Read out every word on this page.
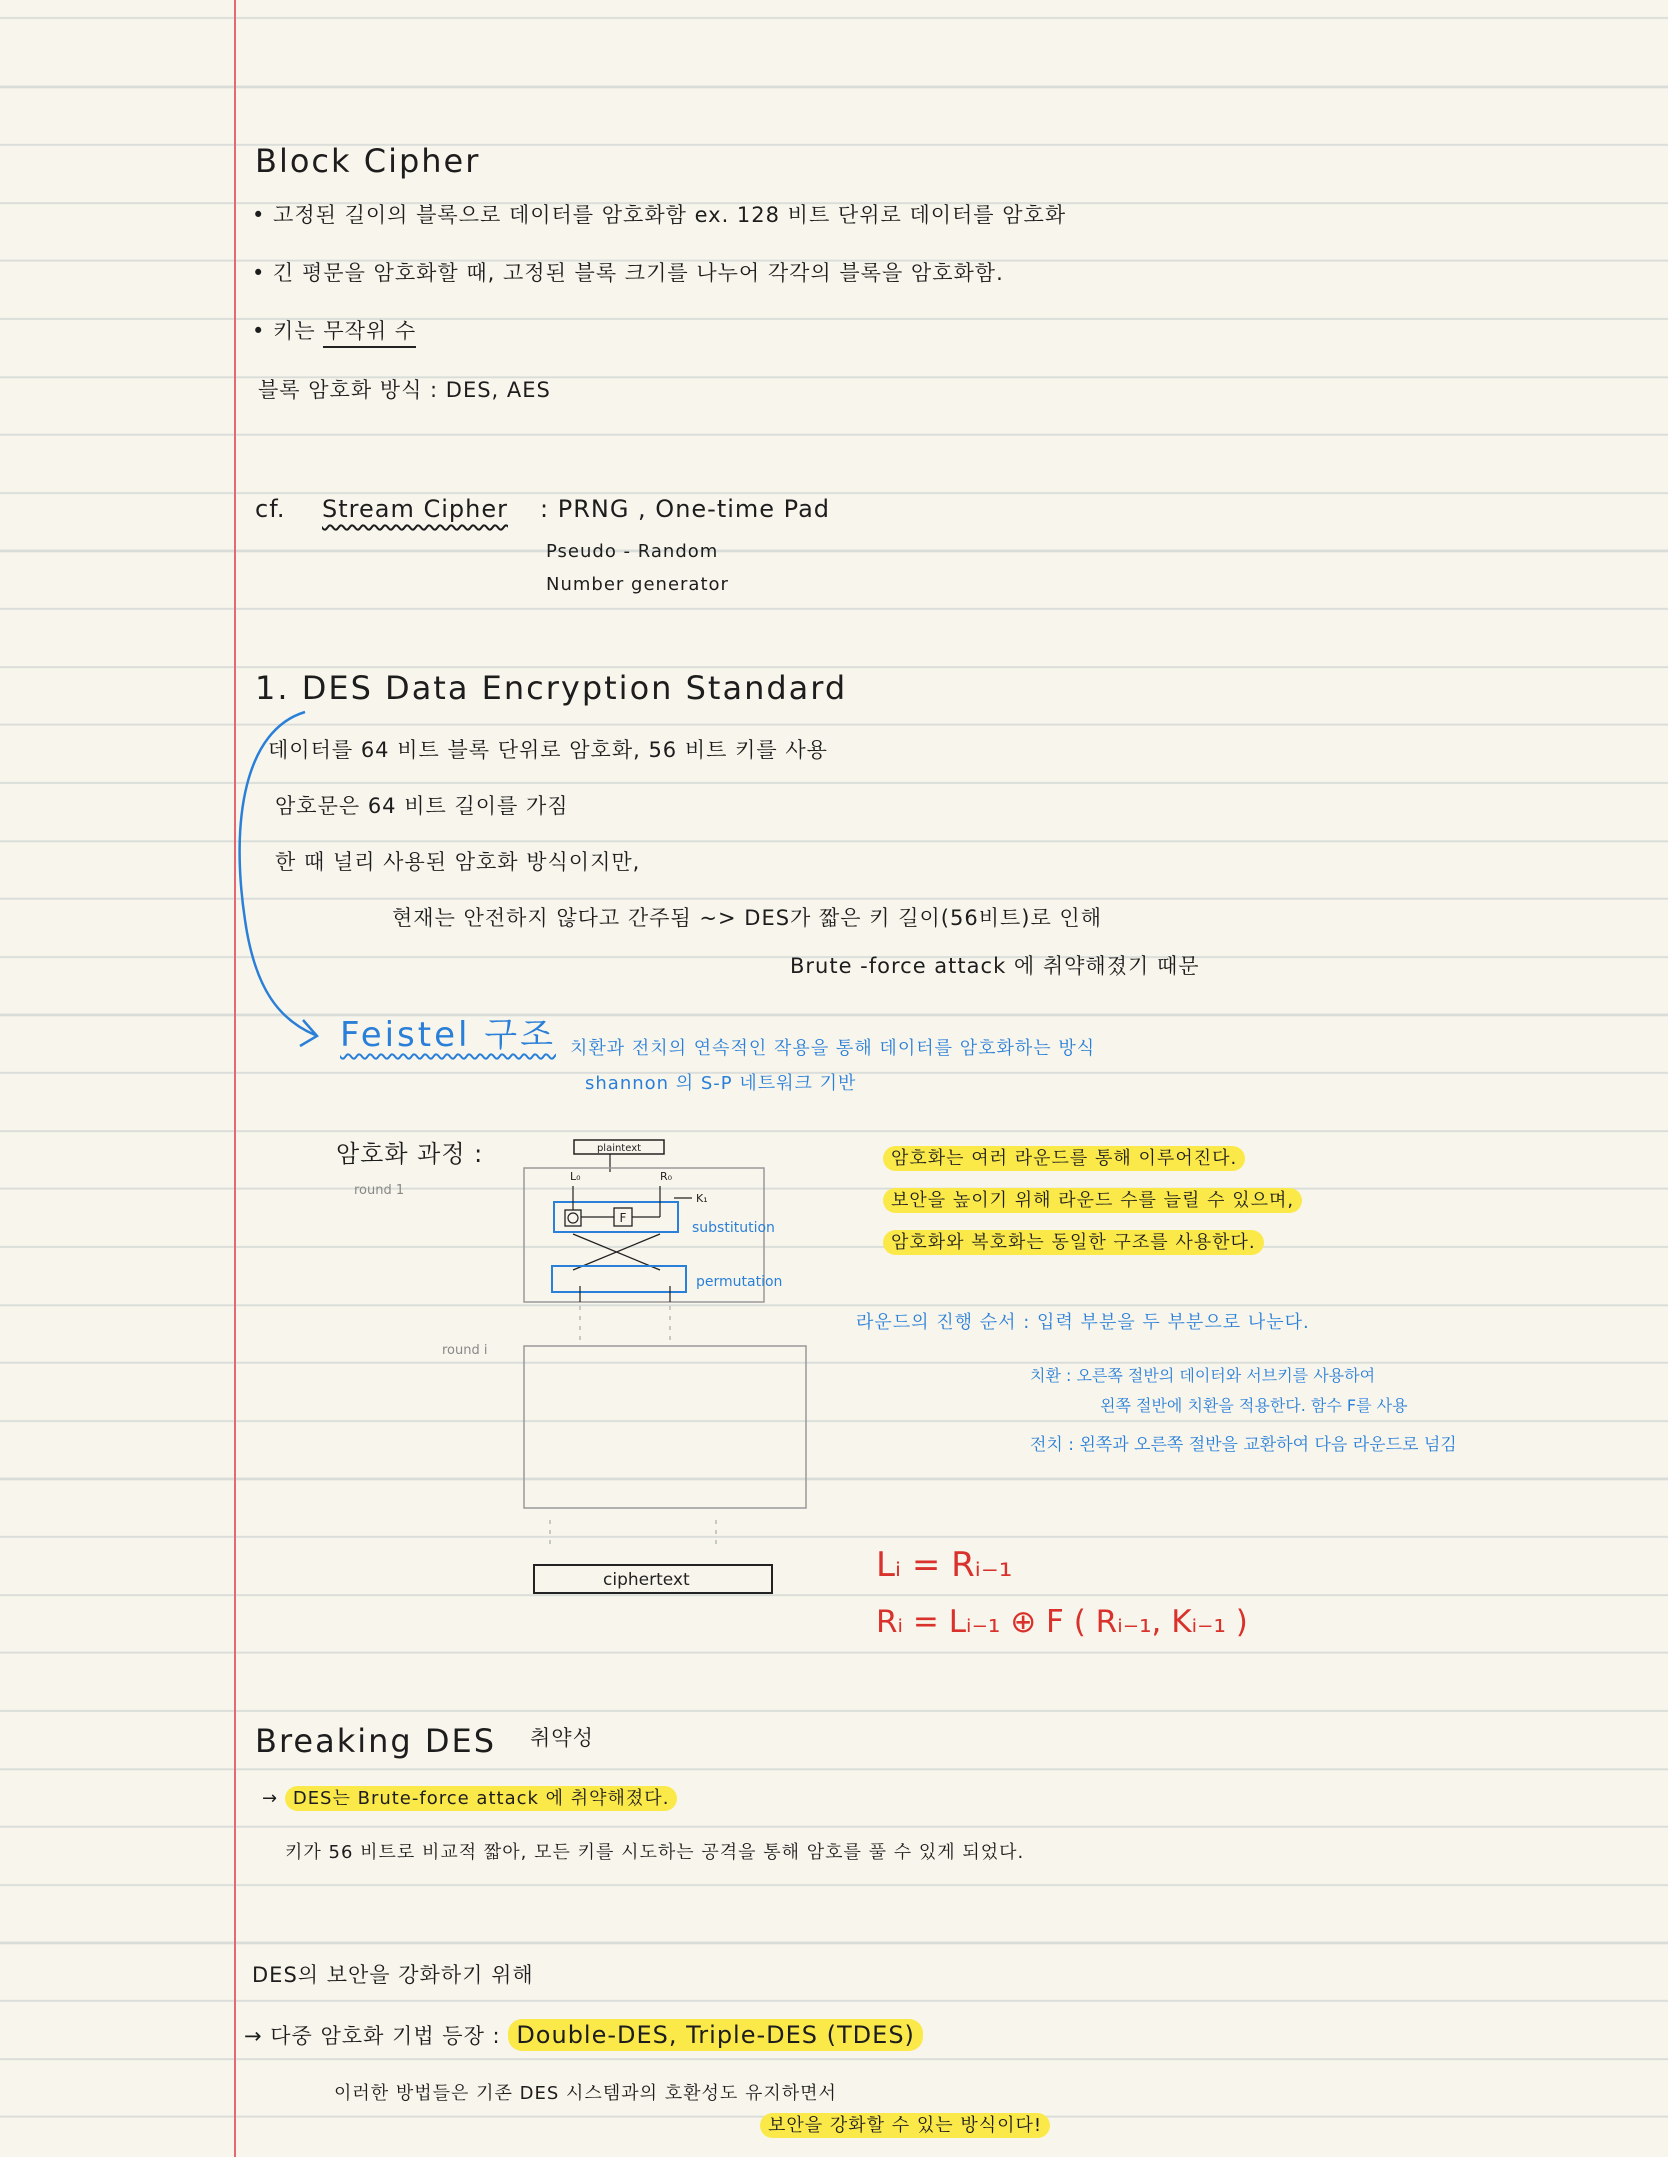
Block Cipher
• 고정된 길이의 블록으로 데이터를 암호화함 ex. 128 비트 단위로 데이터를 암호화
• 긴 평문을 암호화할 때, 고정된 블록 크기를 나누어 각각의 블록을 암호화함.
• 키는 무작위 수
블록 암호화 방식 : DES, AES
cf. Stream Cipher : PRNG , One-time Pad
Pseudo - Random
Number generator
1. DES Data Encryption Standard
데이터를 64 비트 블록 단위로 암호화, 56 비트 키를 사용
암호문은 64 비트 길이를 가짐
한 때 널리 사용된 암호화 방식이지만,
현재는 안전하지 않다고 간주됨 ~> DES가 짧은 키 길이(56비트)로 인해
Brute -force attack 에 취약해졌기 때문
Feistel 구조 치환과 전치의 연속적인 작용을 통해 데이터를 암호화하는 방식
shannon 의 S-P 네트워크 기반
암호화 과정 :	plaintext
round 1
L₀	R₀
K₁
F
substitution
permutation
round i
ciphertext
암호화는 여러 라운드를 통해 이루어진다.
보안을 높이기 위해 라운드 수를 늘릴 수 있으며,
암호화와 복호화는 동일한 구조를 사용한다.
라운드의 진행 순서 : 입력 부분을 두 부분으로 나눈다.
치환 : 오른쪽 절반의 데이터와 서브키를 사용하여
왼쪽 절반에 치환을 적용한다. 함수 F를 사용
전치 : 왼쪽과 오른쪽 절반을 교환하여 다음 라운드로 넘김
Lᵢ = Rᵢ₋₁
Rᵢ = Lᵢ₋₁ ⊕ F ( Rᵢ₋₁, Kᵢ₋₁ )
Breaking DES 취약성
→ DES는 Brute-force attack 에 취약해졌다.
키가 56 비트로 비교적 짧아, 모든 키를 시도하는 공격을 통해 암호를 풀 수 있게 되었다.
DES의 보안을 강화하기 위해
→ 다중 암호화 기법 등장 : Double-DES, Triple-DES (TDES)
이러한 방법들은 기존 DES 시스템과의 호환성도 유지하면서
보안을 강화할 수 있는 방식이다!
